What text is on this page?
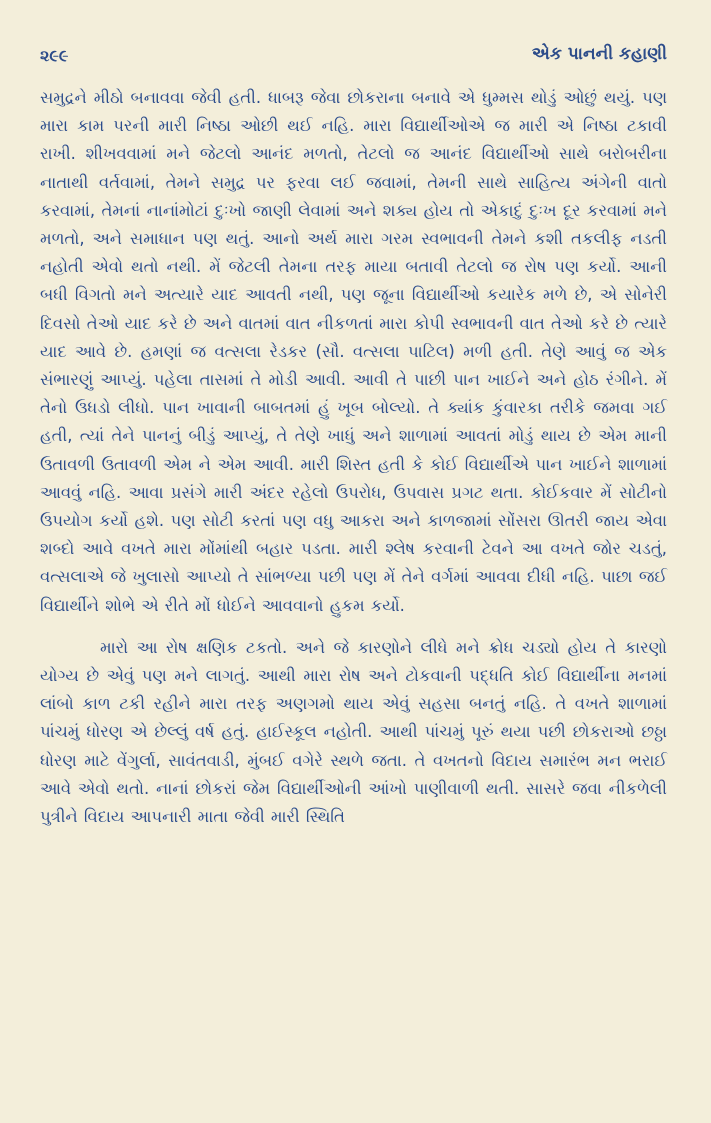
૨૯૯	એક પાનની કહાણી

સમુદ્રને મીઠો બનાવવા જેવી હતી. ધાબરૂ જેવા છોકરાના બનાવે એ ધુમ્મસ થોડું ઓછું થયું. પણ મારા કામ પરની મારી નિષ્ઠા ઓછી થઈ નહિ. મારા વિદ્યાર્થીઓએ જ મારી એ નિષ્ઠા ટકાવી રાખી. શીખવવામાં મને જેટલો આનંદ મળતો, તેટલો જ આનંદ વિદ્યાર્થીઓ સાથે બરોબરીના નાતાથી વર્તવામાં, તેમને સમુદ્ર પર ફરવા લઈ જવામાં, તેમની સાથે સાહિત્ય અંગેની વાતો કરવામાં, તેમનાં નાનાંમોટાં દુઃખો જાણી લેવામાં અને શક્ય હોય તો એકાદું દુઃખ દૂર કરવામાં મને મળતો, અને સમાધાન પણ થતું. આનો અર્થ મારા ગરમ સ્વભાવની તેમને કશી તકલીફ નડતી નહોતી એવો થતો નથી. મેં જેટલી તેમના તરફ માયા બતાવી તેટલો જ રોષ પણ કર્યો. આની બધી વિગતો મને અત્યારે યાદ આવતી નથી, પણ જૂના વિદ્યાર્થીઓ કયારેક મળે છે, એ સોનેરી દિવસો તેઓ યાદ કરે છે અને વાતમાં વાત નીકળતાં મારા કોપી સ્વભાવની વાત તેઓ કરે છે ત્યારે યાદ આવે છે. હમણાં જ વત્સલા રેડકર (સૌ. વત્સલા પાટિલ) મળી હતી. તેણે આવું જ એક સંભારણું આપ્યું. પહેલા તાસમાં તે મોડી આવી. આવી તે પાછી પાન ખાઈને અને હોઠ રંગીને. મેં તેનો ઉધડો લીધો. પાન ખાવાની બાબતમાં હું ખૂબ બોલ્યો. તે ક્યાંક કુંવારકા તરીકે જમવા ગઈ હતી, ત્યાં તેને પાનનું બીડું આપ્યું, તે તેણે ખાધું અને શાળામાં આવતાં મોડું થાય છે એમ માની ઉતાવળી ઉતાવળી એમ ને એમ આવી. મારી શિસ્ત હતી કે કોઈ વિદ્યાર્થીએ પાન ખાઈને શાળામાં આવવું નહિ. આવા પ્રસંગે મારી અંદર રહેલો ઉપરોધ, ઉપવાસ પ્રગટ થતા. કોઈકવાર મેં સોટીનો ઉપયોગ કર્યો હશે. પણ સોટી કરતાં પણ વધુ આકરા અને કાળજામાં સોંસરા ઊતરી જાય એવા શબ્દો આવે વખતે મારા મોંમાંથી બહાર પડતા. મારી શ્લેષ કરવાની ટેવને આ વખતે જોર ચડતું, વત્સલાએ જે ખુલાસો આપ્યો તે સાંભળ્યા પછી પણ મેં તેને વર્ગમાં આવવા દીધી નહિ. પાછા જઈ વિદ્યાર્થીને શોભે એ રીતે મોં ધોઈને આવવાનો હુકમ કર્યો.

મારો આ રોષ ક્ષણિક ટકતો. અને જે કારણોને લીધે મને ક્રોધ ચડ્યો હોય તે કારણો યોગ્ય છે એવું પણ મને લાગતું. આથી મારા રોષ અને ટોકવાની પદ્ધતિ કોઈ વિદ્યાર્થીના મનમાં લાંબો કાળ ટકી રહીને મારા તરફ અણગમો થાય એવું સહસા બનતું નહિ. તે વખતે શાળામાં પાંચમું ધોરણ એ છેલ્લું વર્ષ હતું. હાઈસ્કૂલ નહોતી. આથી પાંચમું પૂરું થયા પછી છોકરાઓ છઠ્ઠા ધોરણ માટે વેંગુર્લા, સાવંતવાડી, મુંબઈ વગેરે સ્થળે જતા. તે વખતનો વિદાય સમારંભ મન ભરાઈ આવે એવો થતો. નાનાં છોકરાં જેમ વિદ્યાર્થીઓની આંખો પાણીવાળી થતી. સાસરે જવા નીકળેલી પુત્રીને વિદાય આપનારી માતા જેવી મારી સ્થિતિ
